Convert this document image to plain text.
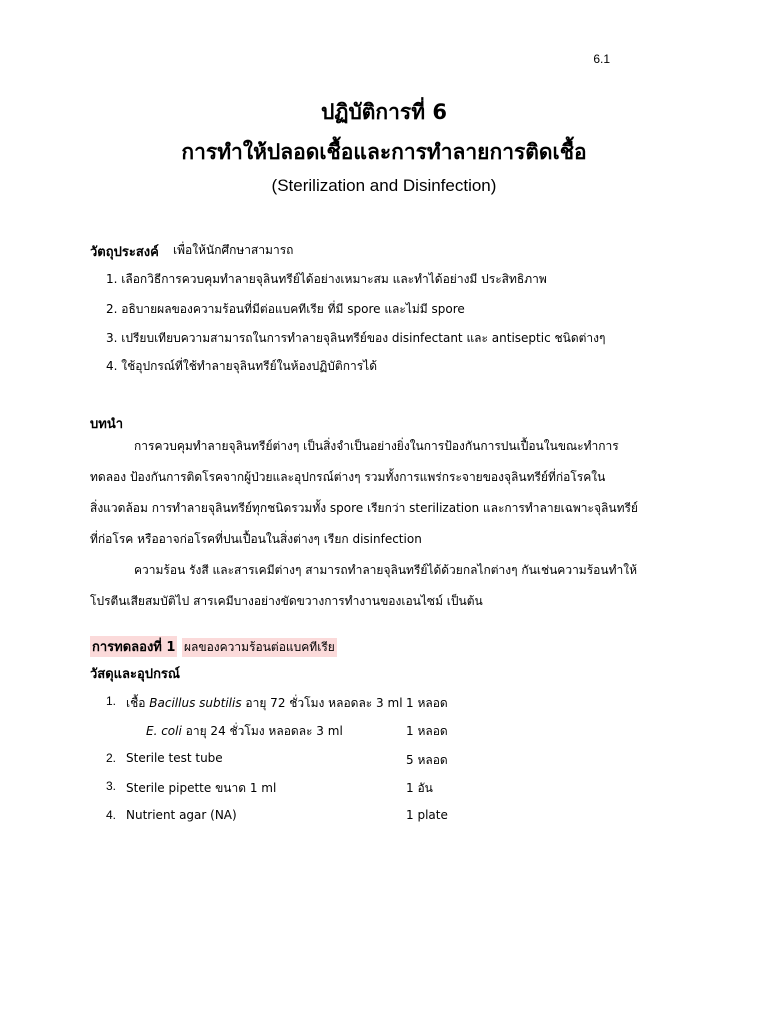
6.1
ปฏิบัติการที่ 6
การทำให้ปลอดเชื้อและการทำลายการติดเชื้อ
(Sterilization and Disinfection)
วัตถุประสงค์ เพื่อให้นักศึกษาสามารถ
1. เลือกวิธีการควบคุมทำลายจุลินทรีย์ได้อย่างเหมาะสม และทำได้อย่างมี ประสิทธิภาพ
2. อธิบายผลของความร้อนที่มีต่อแบคทีเรีย ที่มี spore และไม่มี spore
3. เปรียบเทียบความสามารถในการทำลายจุลินทรีย์ของ disinfectant และ antiseptic ชนิดต่างๆ
4. ใช้อุปกรณ์ที่ใช้ทำลายจุลินทรีย์ในห้องปฏิบัติการได้
บทนำ
การควบคุมทำลายจุลินทรีย์ต่างๆ เป็นสิ่งจำเป็นอย่างยิ่งในการป้องกันการปนเปื้อนในขณะทำการ
ทดลอง ป้องกันการติดโรคจากผู้ป่วยและอุปกรณ์ต่างๆ รวมทั้งการแพร่กระจายของจุลินทรีย์ที่ก่อโรคใน
สิ่งแวดล้อม การทำลายจุลินทรีย์ทุกชนิดรวมทั้ง spore เรียกว่า sterilization และการทำลายเฉพาะจุลินทรีย์
ที่ก่อโรค หรืออาจก่อโรคที่ปนเปื้อนในสิ่งต่างๆ เรียก disinfection
ความร้อน รังสี และสารเคมีต่างๆ สามารถทำลายจุลินทรีย์ได้ด้วยกลไกต่างๆ กันเช่นความร้อนทำให้
โปรตีนเสียสมบัติไป สารเคมีบางอย่างขัดขวางการทำงานของเอนไซม์ เป็นต้น
การทดลองที่ 1 ผลของความร้อนต่อแบคทีเรีย
วัสดุและอุปกรณ์
1. เชื้อ Bacillus subtilis อายุ 72 ชั่วโมง หลอดละ 3 ml 1 หลอด
E. coli อายุ 24 ชั่วโมง หลอดละ 3 ml	1 หลอด
2. Sterile test tube	5 หลอด
3. Sterile pipette ขนาด 1 ml	1 อัน
4. Nutrient agar (NA)	1 plate
